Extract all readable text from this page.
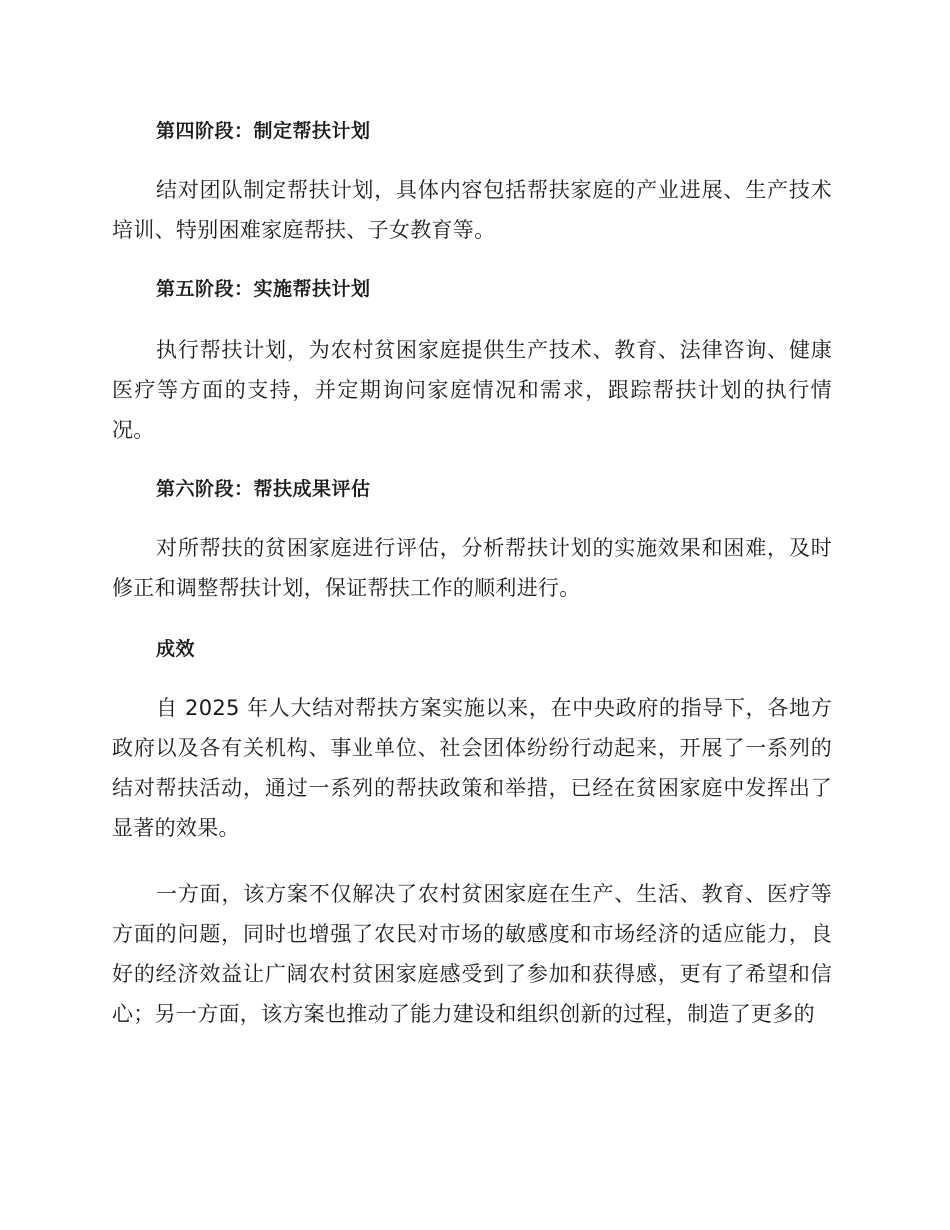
第四阶段：制定帮扶计划

结对团队制定帮扶计划，具体内容包括帮扶家庭的产业进展、生产技术培训、特别困难家庭帮扶、子女教育等。

第五阶段：实施帮扶计划

执行帮扶计划，为农村贫困家庭提供生产技术、教育、法律咨询、健康医疗等方面的支持，并定期询问家庭情况和需求，跟踪帮扶计划的执行情况。

第六阶段：帮扶成果评估

对所帮扶的贫困家庭进行评估，分析帮扶计划的实施效果和困难，及时修正和调整帮扶计划，保证帮扶工作的顺利进行。

成效

自 2025 年人大结对帮扶方案实施以来，在中央政府的指导下，各地方政府以及各有关机构、事业单位、社会团体纷纷行动起来，开展了一系列的结对帮扶活动，通过一系列的帮扶政策和举措，已经在贫困家庭中发挥出了显著的效果。

一方面，该方案不仅解决了农村贫困家庭在生产、生活、教育、医疗等方面的问题，同时也增强了农民对市场的敏感度和市场经济的适应能力，良好的经济效益让广阔农村贫困家庭感受到了参加和获得感，更有了希望和信心；另一方面，该方案也推动了能力建设和组织创新的过程，制造了更多的
